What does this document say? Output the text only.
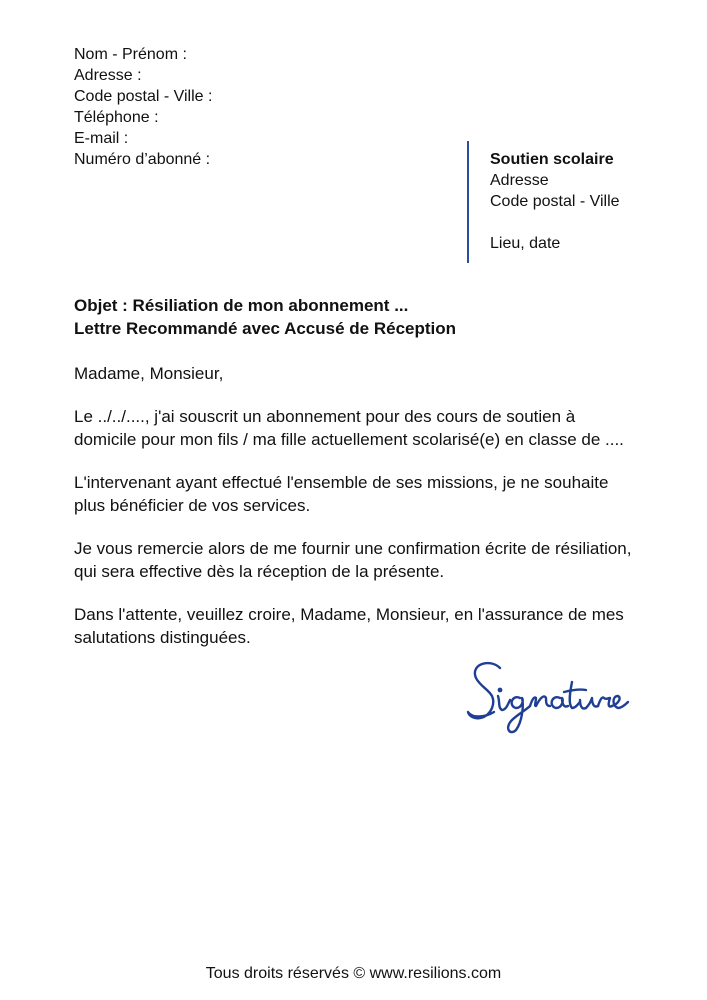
Nom - Prénom :
Adresse :
Code postal - Ville :
Téléphone :
E-mail :
Numéro d’abonné :	Soutien scolaire
Adresse
Code postal - Ville
Lieu, date
Objet : Résiliation de mon abonnement ...
Lettre Recommandé avec Accusé de Réception

Madame, Monsieur,

Le ../../...., j'ai souscrit un abonnement pour des cours de soutien à domicile pour mon fils / ma fille actuellement scolarisé(e) en classe de ....

L'intervenant ayant effectué l'ensemble de ses missions, je ne souhaite plus bénéficier de vos services.

Je vous remercie alors de me fournir une confirmation écrite de résiliation, qui sera effective dès la réception de la présente.

Dans l'attente, veuillez croire, Madame, Monsieur, en l'assurance de mes salutations distinguées.

Tous droits réservés © www.resilions.com
